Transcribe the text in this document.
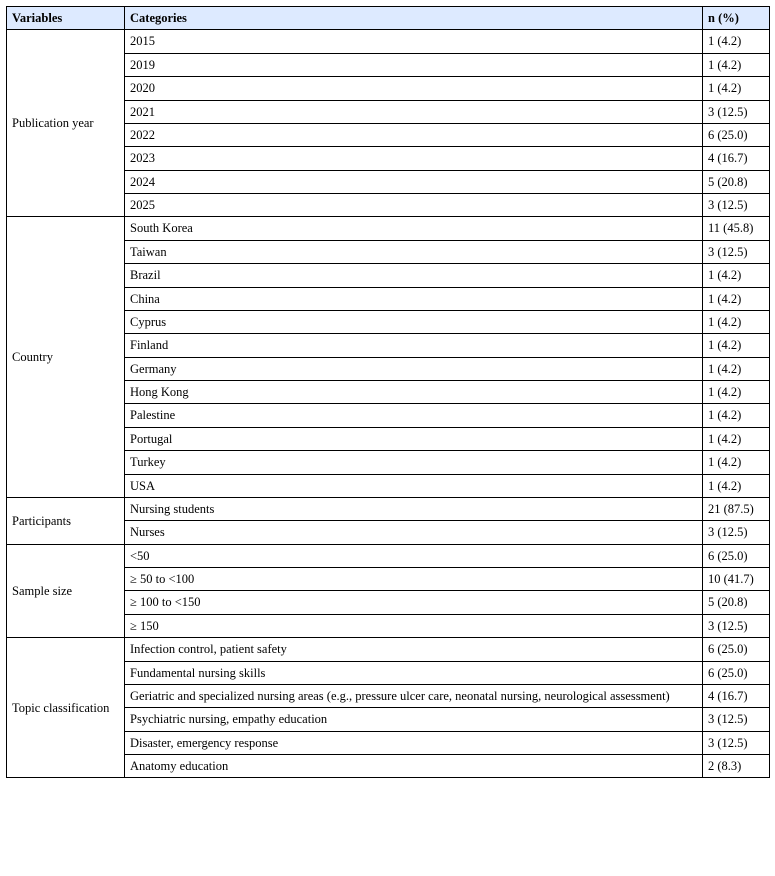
Variables	Categories	n (%)
Publication year	2015	1 (4.2)
	2019	1 (4.2)
	2020	1 (4.2)
	2021	3 (12.5)
	2022	6 (25.0)
	2023	4 (16.7)
	2024	5 (20.8)
	2025	3 (12.5)
Country	South Korea	11 (45.8)
	Taiwan	3 (12.5)
	Brazil	1 (4.2)
	China	1 (4.2)
	Cyprus	1 (4.2)
	Finland	1 (4.2)
	Germany	1 (4.2)
	Hong Kong	1 (4.2)
	Palestine	1 (4.2)
	Portugal	1 (4.2)
	Turkey	1 (4.2)
	USA	1 (4.2)
Participants	Nursing students	21 (87.5)
	Nurses	3 (12.5)
Sample size	<50	6 (25.0)
	≥ 50 to <100	10 (41.7)
	≥ 100 to <150	5 (20.8)
	≥ 150	3 (12.5)
Topic classification	Infection control, patient safety	6 (25.0)
	Fundamental nursing skills	6 (25.0)
	Geriatric and specialized nursing areas (e.g., pressure ulcer care, neonatal nursing, neurological assessment)	4 (16.7)
	Psychiatric nursing, empathy education	3 (12.5)
	Disaster, emergency response	3 (12.5)
	Anatomy education	2 (8.3)
